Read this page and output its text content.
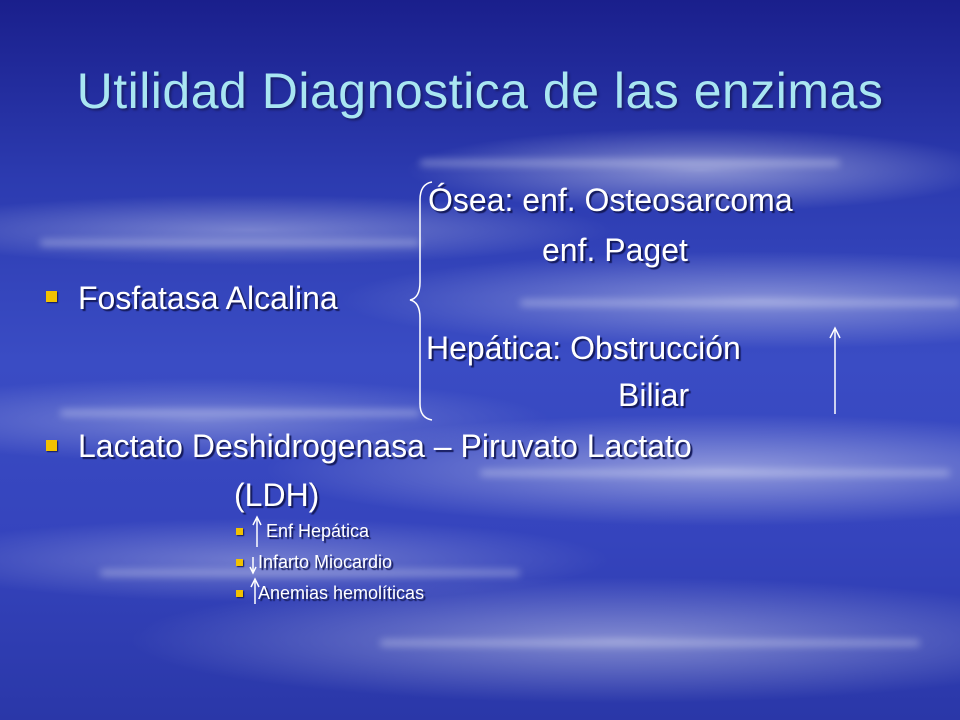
Utilidad Diagnostica de las enzimas
Ósea: enf. Osteosarcoma
enf. Paget
Fosfatasa Alcalina
Hepática: Obstrucción
Biliar
Lactato Deshidrogenasa – Piruvato Lactato
(LDH)
Enf Hepática
Infarto Miocardio
Anemias hemolíticas
